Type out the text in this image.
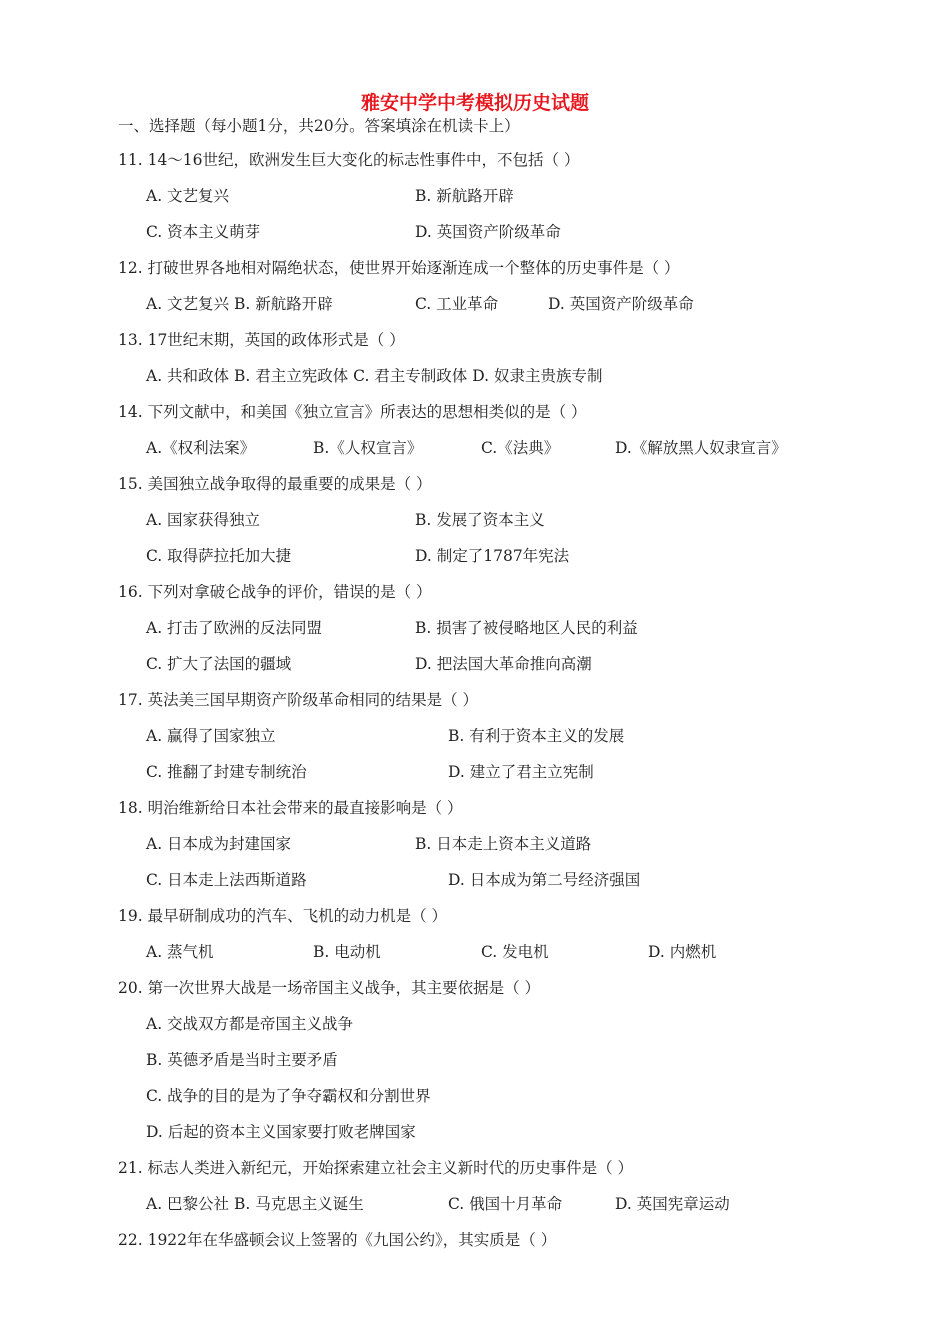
雅安中学中考模拟历史试题
一、选择题（每小题1分，共20分。答案填涂在机读卡上）
11. 14～16世纪，欧洲发生巨大变化的标志性事件中，不包括（ ）
A. 文艺复兴	B. 新航路开辟
C. 资本主义萌芽	D. 英国资产阶级革命
12. 打破世界各地相对隔绝状态，使世界开始逐渐连成一个整体的历史事件是（ ）
A. 文艺复兴 B. 新航路开辟	C. 工业革命	D. 英国资产阶级革命
13. 17世纪末期，英国的政体形式是（ ）
A. 共和政体 B. 君主立宪政体 C. 君主专制政体 D. 奴隶主贵族专制
14. 下列文献中，和美国《独立宣言》所表达的思想相类似的是（ ）
A.《权利法案》	B.《人权宣言》	C.《法典》	D.《解放黑人奴隶宣言》
15. 美国独立战争取得的最重要的成果是（ ）
A. 国家获得独立	B. 发展了资本主义
C. 取得萨拉托加大捷	D. 制定了1787年宪法
16. 下列对拿破仑战争的评价，错误的是（ ）
A. 打击了欧洲的反法同盟	B. 损害了被侵略地区人民的利益
C. 扩大了法国的疆域	D. 把法国大革命推向高潮
17. 英法美三国早期资产阶级革命相同的结果是（ ）
A. 赢得了国家独立	B. 有利于资本主义的发展
C. 推翻了封建专制统治	D. 建立了君主立宪制
18. 明治维新给日本社会带来的最直接影响是（ ）
A. 日本成为封建国家	B. 日本走上资本主义道路
C. 日本走上法西斯道路	D. 日本成为第二号经济强国
19. 最早研制成功的汽车、飞机的动力机是（ ）
A. 蒸气机	B. 电动机	C. 发电机	D. 内燃机
20. 第一次世界大战是一场帝国主义战争，其主要依据是（ ）
A. 交战双方都是帝国主义战争
B. 英德矛盾是当时主要矛盾
C. 战争的目的是为了争夺霸权和分割世界
D. 后起的资本主义国家要打败老牌国家
21. 标志人类进入新纪元，开始探索建立社会主义新时代的历史事件是（ ）
A. 巴黎公社 B. 马克思主义诞生	C. 俄国十月革命	D. 英国宪章运动
22. 1922年在华盛顿会议上签署的《九国公约》，其实质是（ ）
